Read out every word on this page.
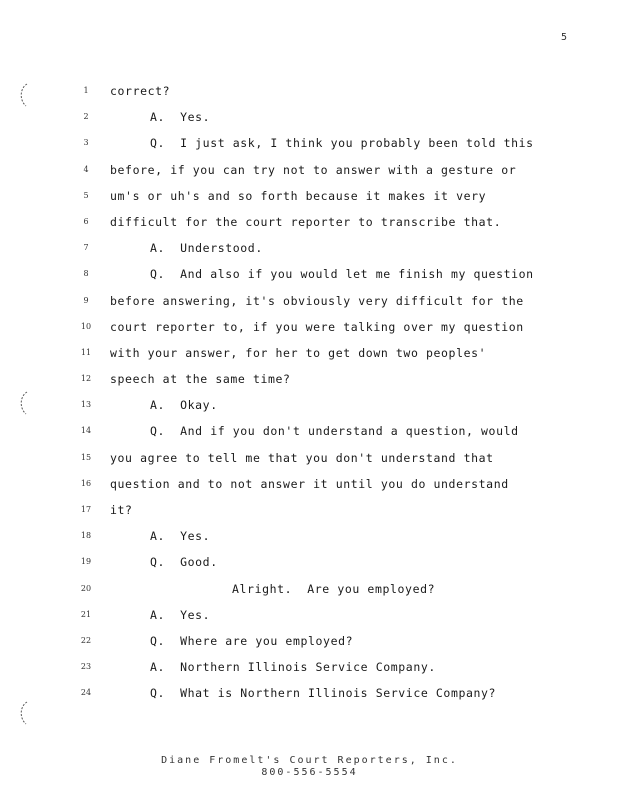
5
1	correct?
2	A.  Yes.
3	Q.  I just ask, I think you probably been told this
4	before, if you can try not to answer with a gesture or
5	um's or uh's and so forth because it makes it very
6	difficult for the court reporter to transcribe that.
7	A.  Understood.
8	Q.  And also if you would let me finish my question
9	before answering, it's obviously very difficult for the
10	court reporter to, if you were talking over my question
11	with your answer, for her to get down two peoples'
12	speech at the same time?
13	A.  Okay.
14	Q.  And if you don't understand a question, would
15	you agree to tell me that you don't understand that
16	question and to not answer it until you do understand
17	it?
18	A.  Yes.
19	Q.  Good.
20	Alright.  Are you employed?
21	A.  Yes.
22	Q.  Where are you employed?
23	A.  Northern Illinois Service Company.
24	Q.  What is Northern Illinois Service Company?
Diane Fromelt's Court Reporters, Inc.
800-556-5554
